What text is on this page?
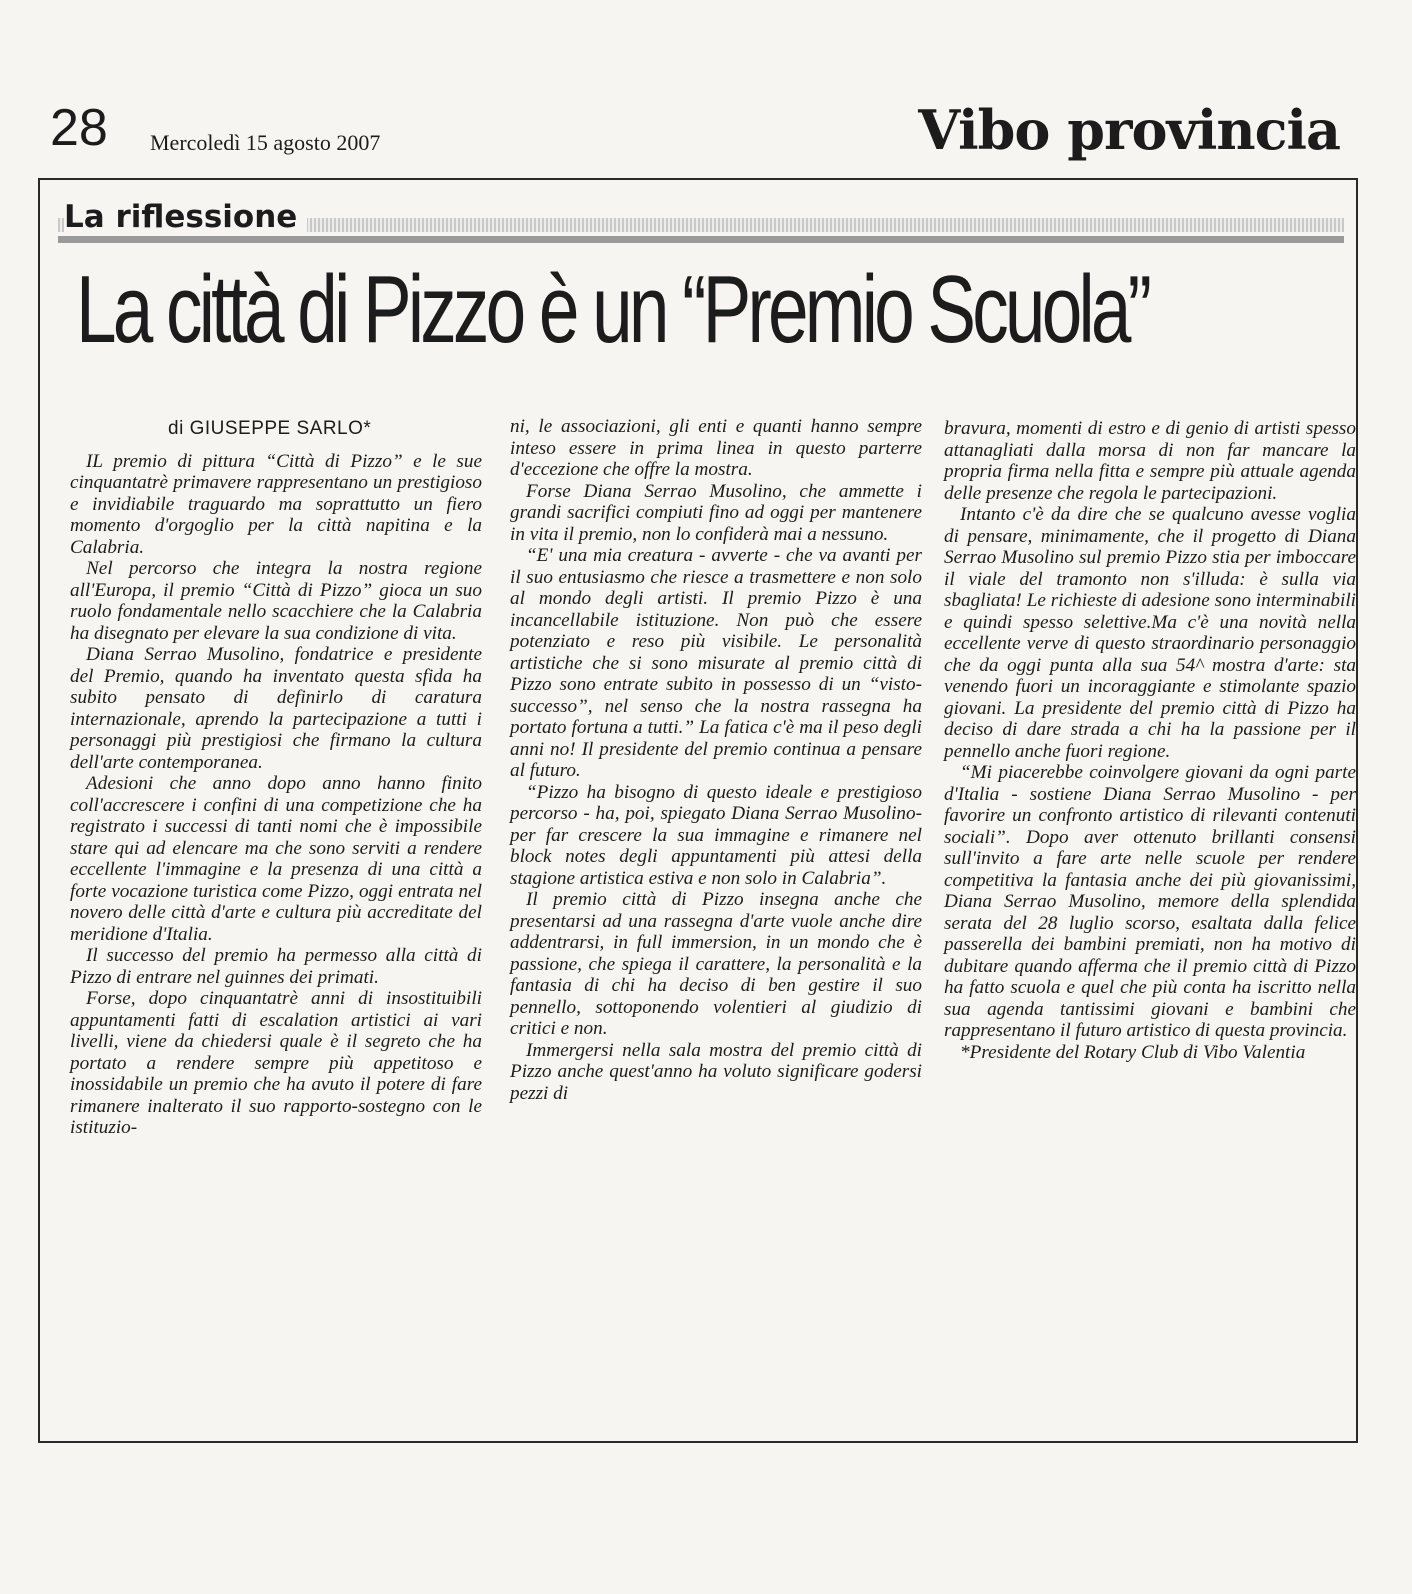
28 Mercoledì 15 agosto 2007	Vibo provincia
La riflessione
La città di Pizzo è un “Premio Scuola”

di GIUSEPPE SARLO*

IL premio di pittura “Città di Pizzo” e le sue cinquantatrè primavere rappresentano un prestigioso e invidiabile traguardo ma soprattutto un fiero momento d'orgoglio per la città napitina e la Calabria.

Nel percorso che integra la nostra regione all'Europa, il premio “Città di Pizzo” gioca un suo ruolo fondamentale nello scacchiere che la Calabria ha disegnato per elevare la sua condizione di vita.

Diana Serrao Musolino, fondatrice e presidente del Premio, quando ha inventato questa sfida ha subito pensato di definirlo di caratura internazionale, aprendo la partecipazione a tutti i personaggi più prestigiosi che firmano la cultura dell'arte contemporanea.

Adesioni che anno dopo anno hanno finito coll'accrescere i confini di una competizione che ha registrato i successi di tanti nomi che è impossibile stare qui ad elencare ma che sono serviti a rendere eccellente l'immagine e la presenza di una città a forte vocazione turistica come Pizzo, oggi entrata nel novero delle città d'arte e cultura più accreditate del meridione d'Italia.

Il successo del premio ha permesso alla città di Pizzo di entrare nel guinnes dei primati.

Forse, dopo cinquantatrè anni di insostituibili appuntamenti fatti di escalation artistici ai vari livelli, viene da chiedersi quale è il segreto che ha portato a rendere sempre più appetitoso e inossidabile un premio che ha avuto il potere di fare rimanere inalterato il suo rapporto-sostegno con le istituzio-

ni, le associazioni, gli enti e quanti hanno sempre inteso essere in prima linea in questo parterre d'eccezione che offre la mostra.

Forse Diana Serrao Musolino, che ammette i grandi sacrifici compiuti fino ad oggi per mantenere in vita il premio, non lo confiderà mai a nessuno.

“E' una mia creatura - avverte - che va avanti per il suo entusiasmo che riesce a trasmettere e non solo al mondo degli artisti. Il premio Pizzo è una incancellabile istituzione. Non può che essere potenziato e reso più visibile. Le personalità artistiche che si sono misurate al premio città di Pizzo sono entrate subito in possesso di un “visto-successo”, nel senso che la nostra rassegna ha portato fortuna a tutti.” La fatica c'è ma il peso degli anni no! Il presidente del premio continua a pensare al futuro.

“Pizzo ha bisogno di questo ideale e prestigioso percorso - ha, poi, spiegato Diana Serrao Musolino- per far crescere la sua immagine e rimanere nel block notes degli appuntamenti più attesi della stagione artistica estiva e non solo in Calabria”.

Il premio città di Pizzo insegna anche che presentarsi ad una rassegna d'arte vuole anche dire addentrarsi, in full immersion, in un mondo che è passione, che spiega il carattere, la personalità e la fantasia di chi ha deciso di ben gestire il suo pennello, sottoponendo volentieri al giudizio di critici e non.

Immergersi nella sala mostra del premio città di Pizzo anche quest'anno ha voluto significare godersi pezzi di

bravura, momenti di estro e di genio di artisti spesso attanagliati dalla morsa di non far mancare la propria firma nella fitta e sempre più attuale agenda delle presenze che regola le partecipazioni.

Intanto c'è da dire che se qualcuno avesse voglia di pensare, minimamente, che il progetto di Diana Serrao Musolino sul premio Pizzo stia per imboccare il viale del tramonto non s'illuda: è sulla via sbagliata! Le richieste di adesione sono interminabili e quindi spesso selettive.Ma c'è una novità nella eccellente verve di questo straordinario personaggio che da oggi punta alla sua 54^ mostra d'arte: sta venendo fuori un incoraggiante e stimolante spazio giovani. La presidente del premio città di Pizzo ha deciso di dare strada a chi ha la passione per il pennello anche fuori regione.

“Mi piacerebbe coinvolgere giovani da ogni parte d'Italia - sostiene Diana Serrao Musolino - per favorire un confronto artistico di rilevanti contenuti sociali”. Dopo aver ottenuto brillanti consensi sull'invito a fare arte nelle scuole per rendere competitiva la fantasia anche dei più giovanissimi, Diana Serrao Musolino, memore della splendida serata del 28 luglio scorso, esaltata dalla felice passerella dei bambini premiati, non ha motivo di dubitare quando afferma che il premio città di Pizzo ha fatto scuola e quel che più conta ha iscritto nella sua agenda tantissimi giovani e bambini che rappresentano il futuro artistico di questa provincia.

*Presidente del Rotary Club di Vibo Valentia
